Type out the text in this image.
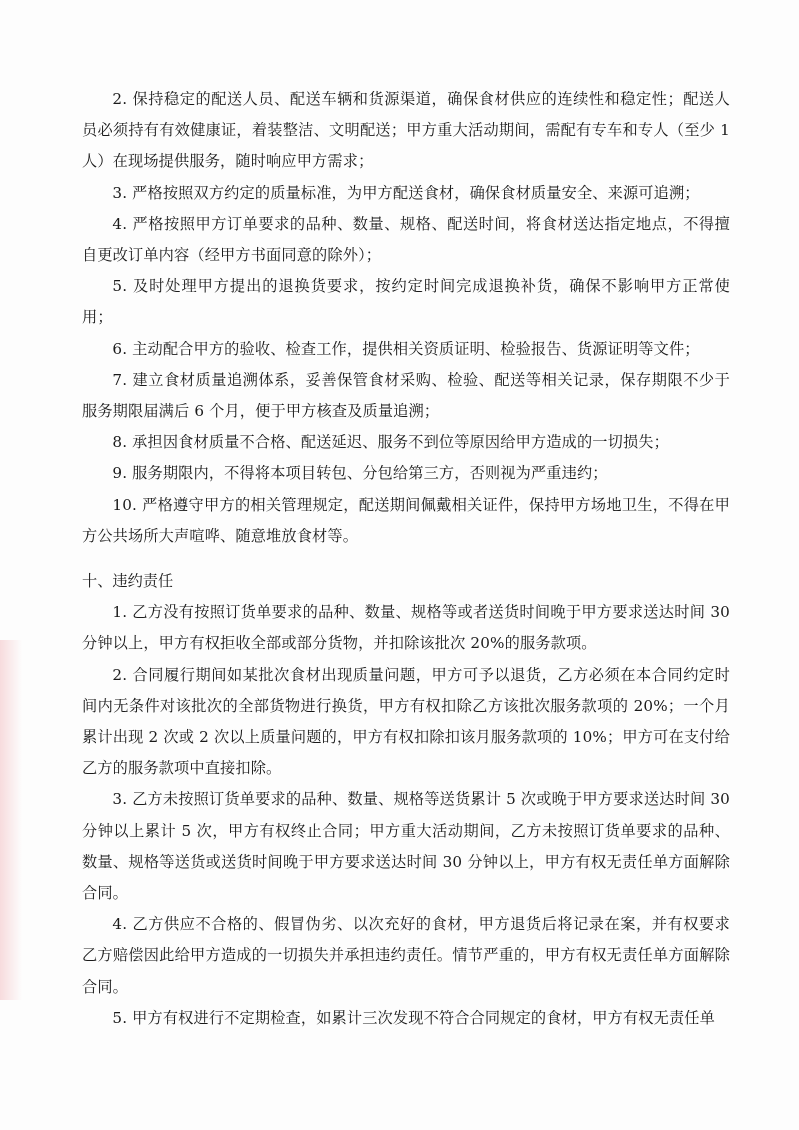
2. 保持稳定的配送人员、配送车辆和货源渠道，确保食材供应的连续性和稳定性；配送人员必须持有有效健康证，着装整洁、文明配送；甲方重大活动期间，需配有专车和专人（至少 1 人）在现场提供服务，随时响应甲方需求；

3. 严格按照双方约定的质量标准，为甲方配送食材，确保食材质量安全、来源可追溯；

4. 严格按照甲方订单要求的品种、数量、规格、配送时间，将食材送达指定地点，不得擅自更改订单内容（经甲方书面同意的除外）；

5. 及时处理甲方提出的退换货要求，按约定时间完成退换补货，确保不影响甲方正常使用；

6. 主动配合甲方的验收、检查工作，提供相关资质证明、检验报告、货源证明等文件；

7. 建立食材质量追溯体系，妥善保管食材采购、检验、配送等相关记录，保存期限不少于服务期限届满后 6 个月，便于甲方核查及质量追溯；

8. 承担因食材质量不合格、配送延迟、服务不到位等原因给甲方造成的一切损失；

9. 服务期限内，不得将本项目转包、分包给第三方，否则视为严重违约；

10. 严格遵守甲方的相关管理规定，配送期间佩戴相关证件，保持甲方场地卫生，不得在甲方公共场所大声喧哗、随意堆放食材等。

十、违约责任

1. 乙方没有按照订货单要求的品种、数量、规格等或者送货时间晚于甲方要求送达时间 30 分钟以上，甲方有权拒收全部或部分货物，并扣除该批次 20%的服务款项。

2. 合同履行期间如某批次食材出现质量问题，甲方可予以退货，乙方必须在本合同约定时间内无条件对该批次的全部货物进行换货，甲方有权扣除乙方该批次服务款项的 20%；一个月累计出现 2 次或 2 次以上质量问题的，甲方有权扣除扣该月服务款项的 10%；甲方可在支付给乙方的服务款项中直接扣除。

3. 乙方未按照订货单要求的品种、数量、规格等送货累计 5 次或晚于甲方要求送达时间 30 分钟以上累计 5 次，甲方有权终止合同；甲方重大活动期间，乙方未按照订货单要求的品种、数量、规格等送货或送货时间晚于甲方要求送达时间 30 分钟以上，甲方有权无责任单方面解除合同。

4. 乙方供应不合格的、假冒伪劣、以次充好的食材，甲方退货后将记录在案，并有权要求乙方赔偿因此给甲方造成的一切损失并承担违约责任。情节严重的，甲方有权无责任单方面解除合同。

5. 甲方有权进行不定期检查，如累计三次发现不符合合同规定的食材，甲方有权无责任单
